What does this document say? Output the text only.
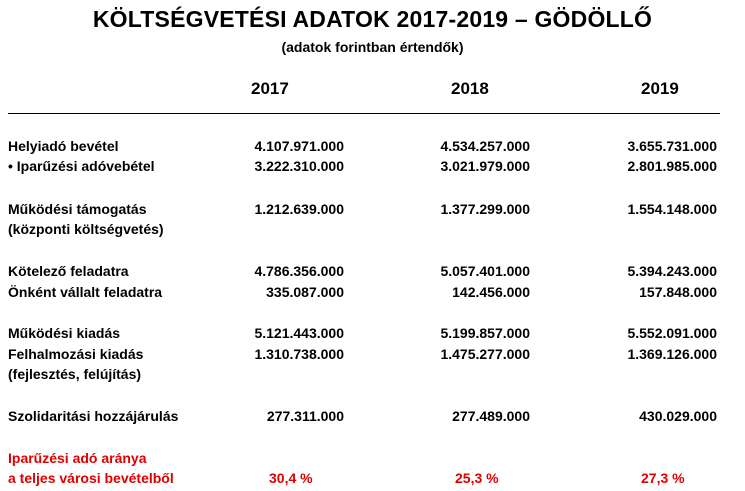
KÖLTSÉGVETÉSI ADATOK 2017-2019 – GÖDÖLLŐ
(adatok forintban értendők)
2017	2018	2019
Helyiadó bevétel	4.107.971.000	4.534.257.000	3.655.731.000
• Iparűzési adóvebétel	3.222.310.000	3.021.979.000	2.801.985.000
Működési támogatás
(központi költségvetés)
1.212.639.000	1.377.299.000	1.554.148.000
Kötelező feladatra	4.786.356.000	5.057.401.000	5.394.243.000
Önként vállalt feladatra	335.087.000	142.456.000	157.848.000
Működési kiadás	5.121.443.000	5.199.857.000	5.552.091.000
Felhalmozási kiadás
(fejlesztés, felújítás)
1.310.738.000	1.475.277.000	1.369.126.000
Szolidaritási hozzájárulás	277.311.000	277.489.000	430.029.000
Iparűzési adó aránya
a teljes városi bevételből	30,4 %	25,3 %	27,3 %
